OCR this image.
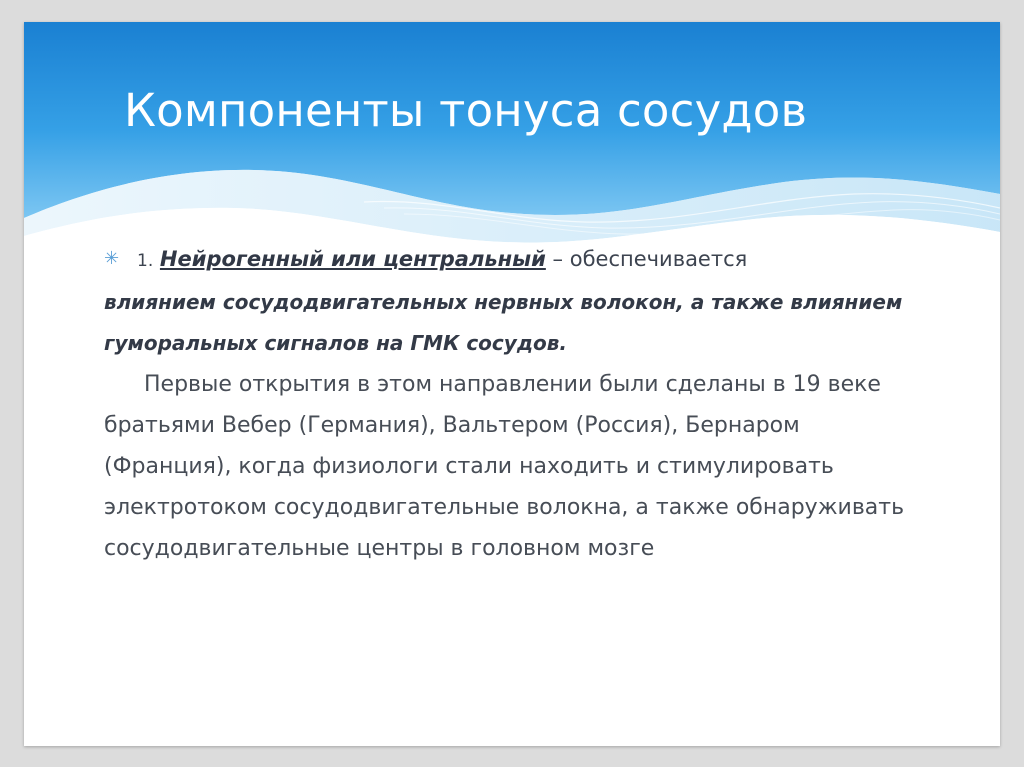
Компоненты тонуса сосудов
✳ 1. Нейрогенный или центральный – обеспечивается

влиянием сосудодвигательных нервных волокон, а также влиянием гуморальных сигналов на ГМК сосудов.

Первые открытия в этом направлении были сделаны в 19 веке братьями Вебер (Германия), Вальтером (Россия), Бернаром (Франция), когда физиологи стали находить и стимулировать электротоком сосудодвигательные волокна, а также обнаруживать сосудодвигательные центры в головном мозге
